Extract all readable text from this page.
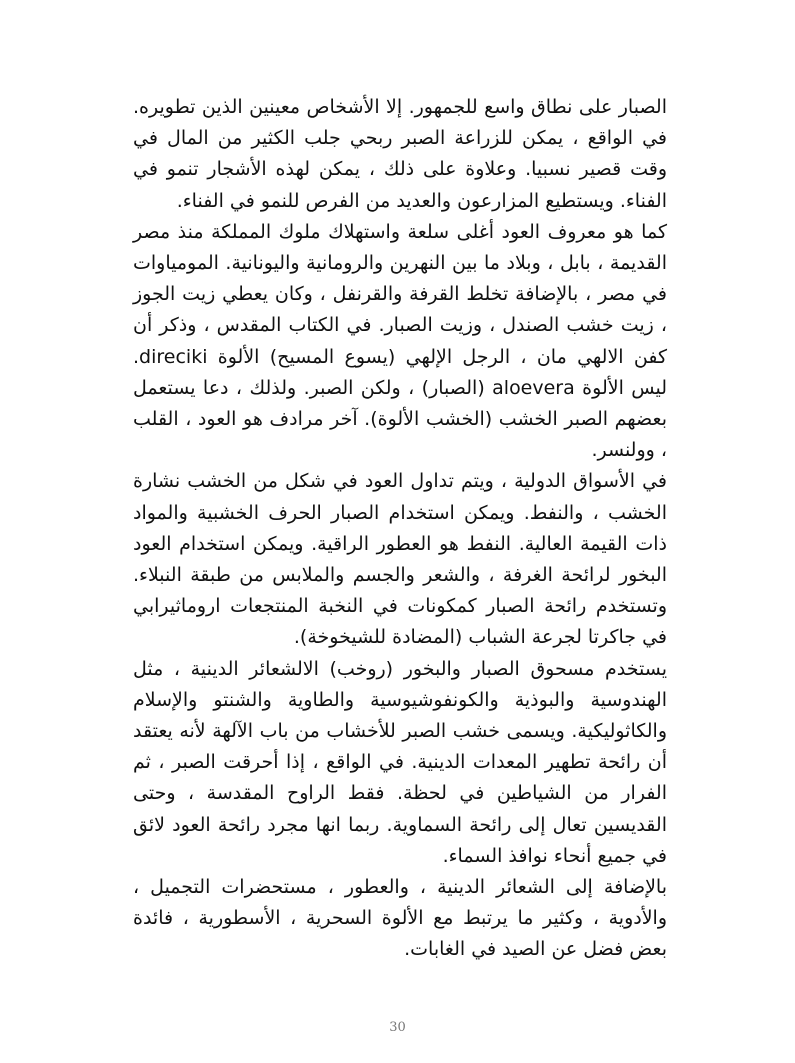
الصبار على نطاق واسع للجمهور. إلا الأشخاص معينين الذين تطويره. في الواقع ، يمكن للزراعة الصبر ربحي جلب الكثير من المال في وقت قصير نسبيا. وعلاوة على ذلك ، يمكن لهذه الأشجار تنمو في الفناء. ويستطيع المزارعون والعديد من الفرص للنمو في الفناء.

كما هو معروف العود أغلى سلعة واستهلاك ملوك المملكة منذ مصر القديمة ، بابل ، وبلاد ما بين النهرين والرومانية واليونانية. المومياوات في مصر ، بالإضافة تخلط القرفة والقرنفل ، وكان يعطي زيت الجوز ، زيت خشب الصندل ، وزيت الصبار. في الكتاب المقدس ، وذكر أن كفن الالهي مان ، الرجل الإلهي (يسوع المسيح) الألوة direciki. ليس الألوة aloevera (الصبار) ، ولكن الصبر. ولذلك ، دعا يستعمل بعضهم الصبر الخشب (الخشب الألوة). آخر مرادف هو العود ، القلب ، وولنسر.

في الأسواق الدولية ، ويتم تداول العود في شكل من الخشب نشارة الخشب ، والنفط. ويمكن استخدام الصبار الحرف الخشبية والمواد ذات القيمة العالية. النفط هو العطور الراقية. ويمكن استخدام العود البخور لرائحة الغرفة ، والشعر والجسم والملابس من طبقة النبلاء. وتستخدم رائحة الصبار كمكونات في النخبة المنتجعات اروماثيرابي في جاكرتا لجرعة الشباب (المضادة للشيخوخة).

يستخدم مسحوق الصبار والبخور (روخب) الالشعائر الدينية ، مثل الهندوسية والبوذية والكونفوشيوسية والطاوية والشنتو والإسلام والكاثوليكية. ويسمى خشب الصبر للأخشاب من باب الآلهة لأنه يعتقد أن رائحة تطهير المعدات الدينية. في الواقع ، إذا أحرقت الصبر ، ثم الفرار من الشياطين في لحظة. فقط الراوح المقدسة ، وحتى القديسين تعال إلى رائحة السماوية. ربما انها مجرد رائحة العود لائق في جميع أنحاء نوافذ السماء.

بالإضافة إلى الشعائر الدينية ، والعطور ، مستحضرات التجميل ، والأدوية ، وكثير ما يرتبط مع الألوة السحرية ، الأسطورية ، فائدة بعض فضل عن الصيد في الغابات.

30
